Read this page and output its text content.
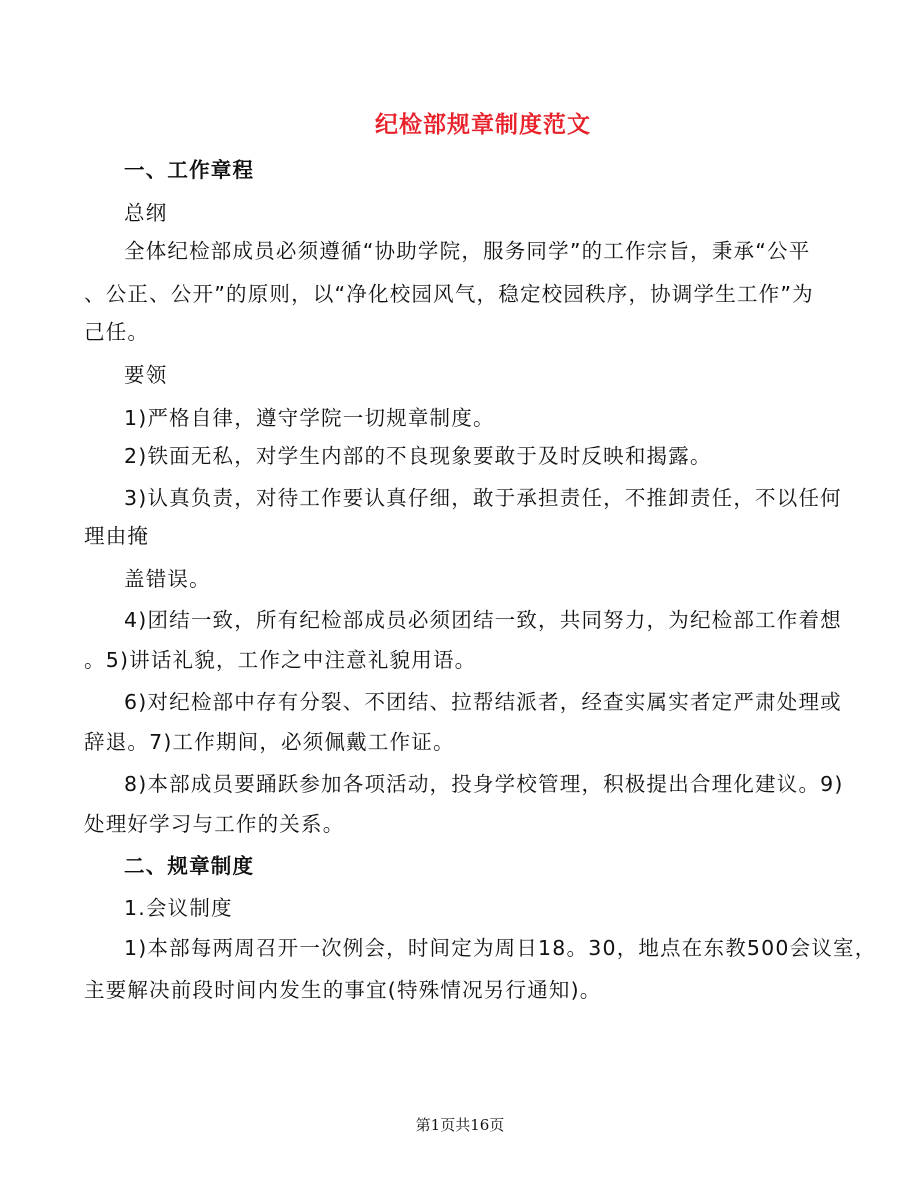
纪检部规章制度范文
一、工作章程
总纲
全体纪检部成员必须遵循“协助学院，服务同学”的工作宗旨，秉承“公平
、公正、公开”的原则，以“净化校园风气，稳定校园秩序，协调学生工作”为
己任。
要领
1)严格自律，遵守学院一切规章制度。
2)铁面无私，对学生内部的不良现象要敢于及时反映和揭露。
3)认真负责，对待工作要认真仔细，敢于承担责任，不推卸责任，不以任何
理由掩
盖错误。
4)团结一致，所有纪检部成员必须团结一致，共同努力，为纪检部工作着想
。5)讲话礼貌，工作之中注意礼貌用语。
6)对纪检部中存有分裂、不团结、拉帮结派者，经查实属实者定严肃处理或
辞退。7)工作期间，必须佩戴工作证。
8)本部成员要踊跃参加各项活动，投身学校管理，积极提出合理化建议。9)
处理好学习与工作的关系。
二、规章制度
1.会议制度
1)本部每两周召开一次例会，时间定为周日18。30，地点在东教500会议室，
主要解决前段时间内发生的事宜(特殊情况另行通知)。
第1页共16页
